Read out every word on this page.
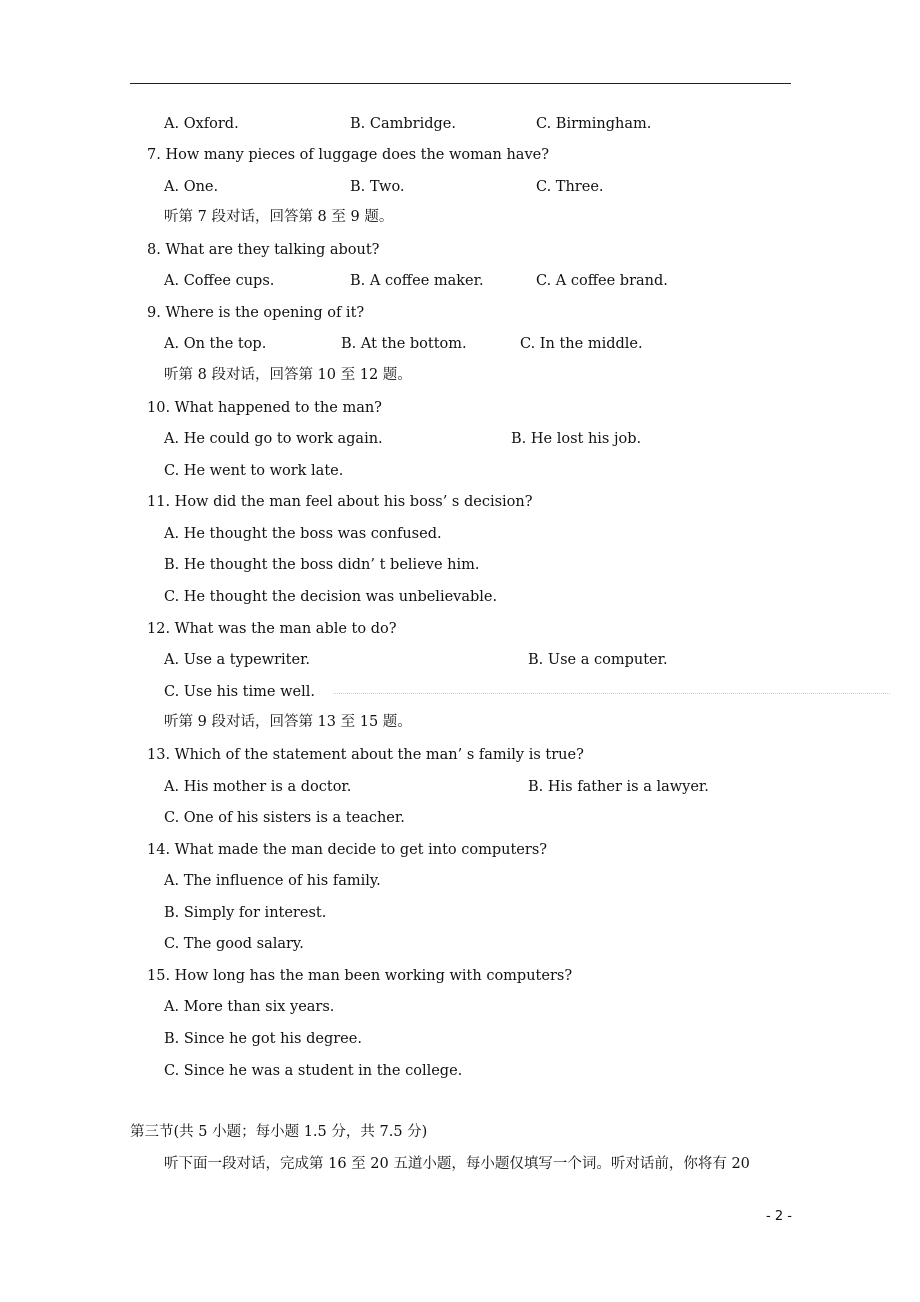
A. Oxford.	B. Cambridge.	C. Birmingham.
7. How many pieces of luggage does the woman have?
A. One.	B. Two.	C. Three.
听第 7 段对话，回答第 8 至 9 题。
8. What are they talking about?
A. Coffee cups.	B. A coffee maker.	C. A coffee brand.
9. Where is the opening of it?
A. On the top.	B. At the bottom.	C. In the middle.
听第 8 段对话，回答第 10 至 12 题。
10. What happened to the man?
A. He could go to work again.	B. He lost his job.
C. He went to work late.
11. How did the man feel about his boss’ s decision?
A. He thought the boss was confused.
B. He thought the boss didn’ t believe him.
C. He thought the decision was unbelievable.
12. What was the man able to do?
A. Use a typewriter.	B. Use a computer.
C. Use his time well.
听第 9 段对话，回答第 13 至 15 题。
13. Which of the statement about the man’ s family is true?
A. His mother is a doctor.	B. His father is a lawyer.
C. One of his sisters is a teacher.
14. What made the man decide to get into computers?
A. The influence of his family.
B. Simply for interest.
C. The good salary.
15. How long has the man been working with computers?
A. More than six years.
B. Since he got his degree.
C. Since he was a student in the college.
第三节(共 5 小题；每小题 1.5 分，共 7.5 分)
听下面一段对话，完成第 16 至 20 五道小题，每小题仅填写一个词。听对话前，你将有 20
- 2 -
